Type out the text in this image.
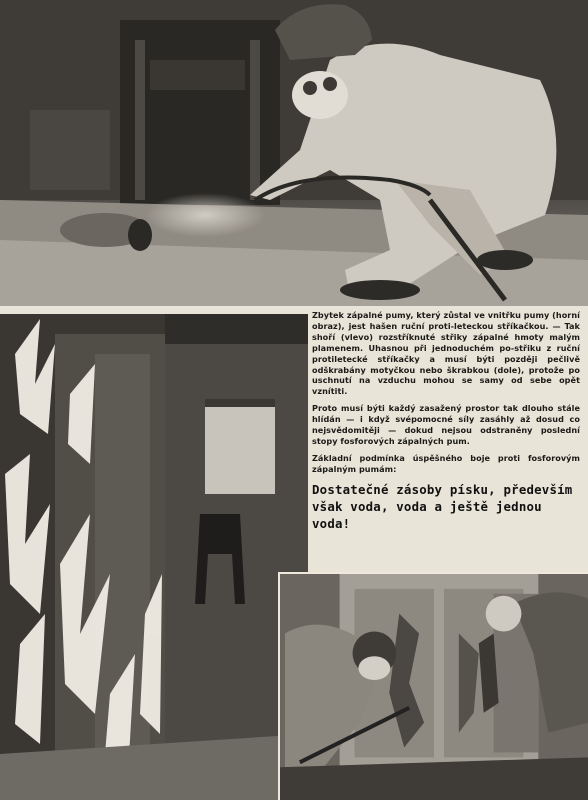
Zbytek zápalné pumy, který zůstal ve vnitřku pumy (horní obraz), jest hašen ruční proti-leteckou stříkačkou. — Tak shoří (vlevo) rozstříknuté střiky zápalné hmoty malým plamenem. Uhasnou při jednoduchém po-střiku z ruční protiletecké stříkačky a musí býti později pečlivě odškrabány motyčkou nebo škrabkou (dole), protože po uschnutí na vzduchu mohou se samy od sebe opět vznítiti.

Proto musí býti každý zasažený prostor tak dlouho stále hlídán — i když svépomocné síly zasáhly až dosud co nejsvědomitěji — dokud nejsou odstraněny poslední stopy fosforových zápalných pum.

Základní podmínka úspěšného boje proti fosforovým zápalným pumám:

Dostatečné zásoby písku, především však voda, voda a ještě jednou voda!
